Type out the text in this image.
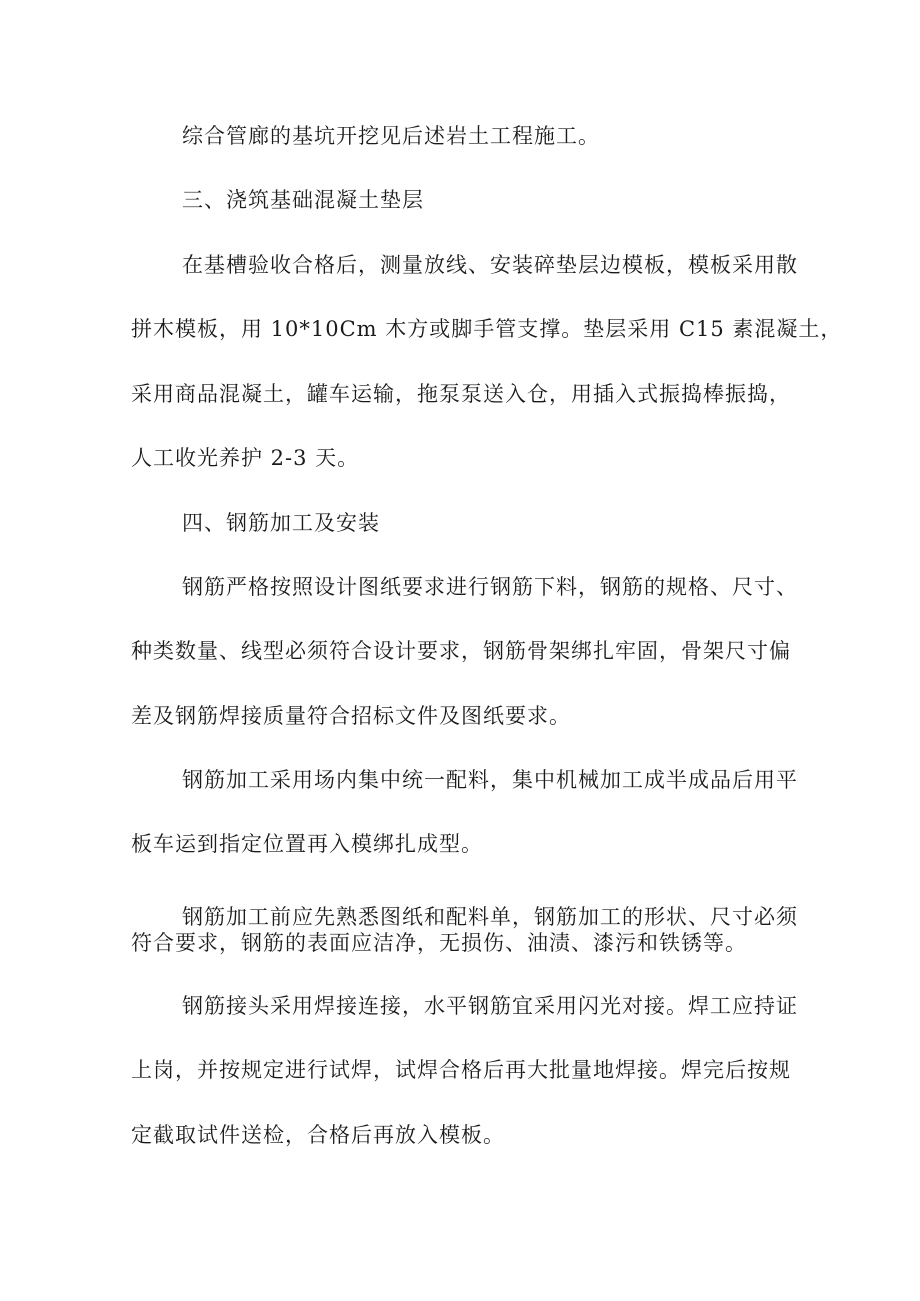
综合管廊的基坑开挖见后述岩土工程施工。
三、浇筑基础混凝土垫层
在基槽验收合格后，测量放线、安装碎垫层边模板，模板采用散
拼木模板，用 10*10Cm 木方或脚手管支撑。垫层采用 C15 素混凝土，
采用商品混凝土，罐车运输，拖泵泵送入仓，用插入式振捣棒振捣，
人工收光养护 2-3 天。
四、钢筋加工及安装
钢筋严格按照设计图纸要求进行钢筋下料，钢筋的规格、尺寸、
种类数量、线型必须符合设计要求，钢筋骨架绑扎牢固，骨架尺寸偏
差及钢筋焊接质量符合招标文件及图纸要求。
钢筋加工采用场内集中统一配料，集中机械加工成半成品后用平
板车运到指定位置再入模绑扎成型。
钢筋加工前应先熟悉图纸和配料单，钢筋加工的形状、尺寸必须
符合要求，钢筋的表面应洁净，无损伤、油渍、漆污和铁锈等。
钢筋接头采用焊接连接，水平钢筋宜采用闪光对接。焊工应持证
上岗，并按规定进行试焊，试焊合格后再大批量地焊接。焊完后按规
定截取试件送检，合格后再放入模板。
